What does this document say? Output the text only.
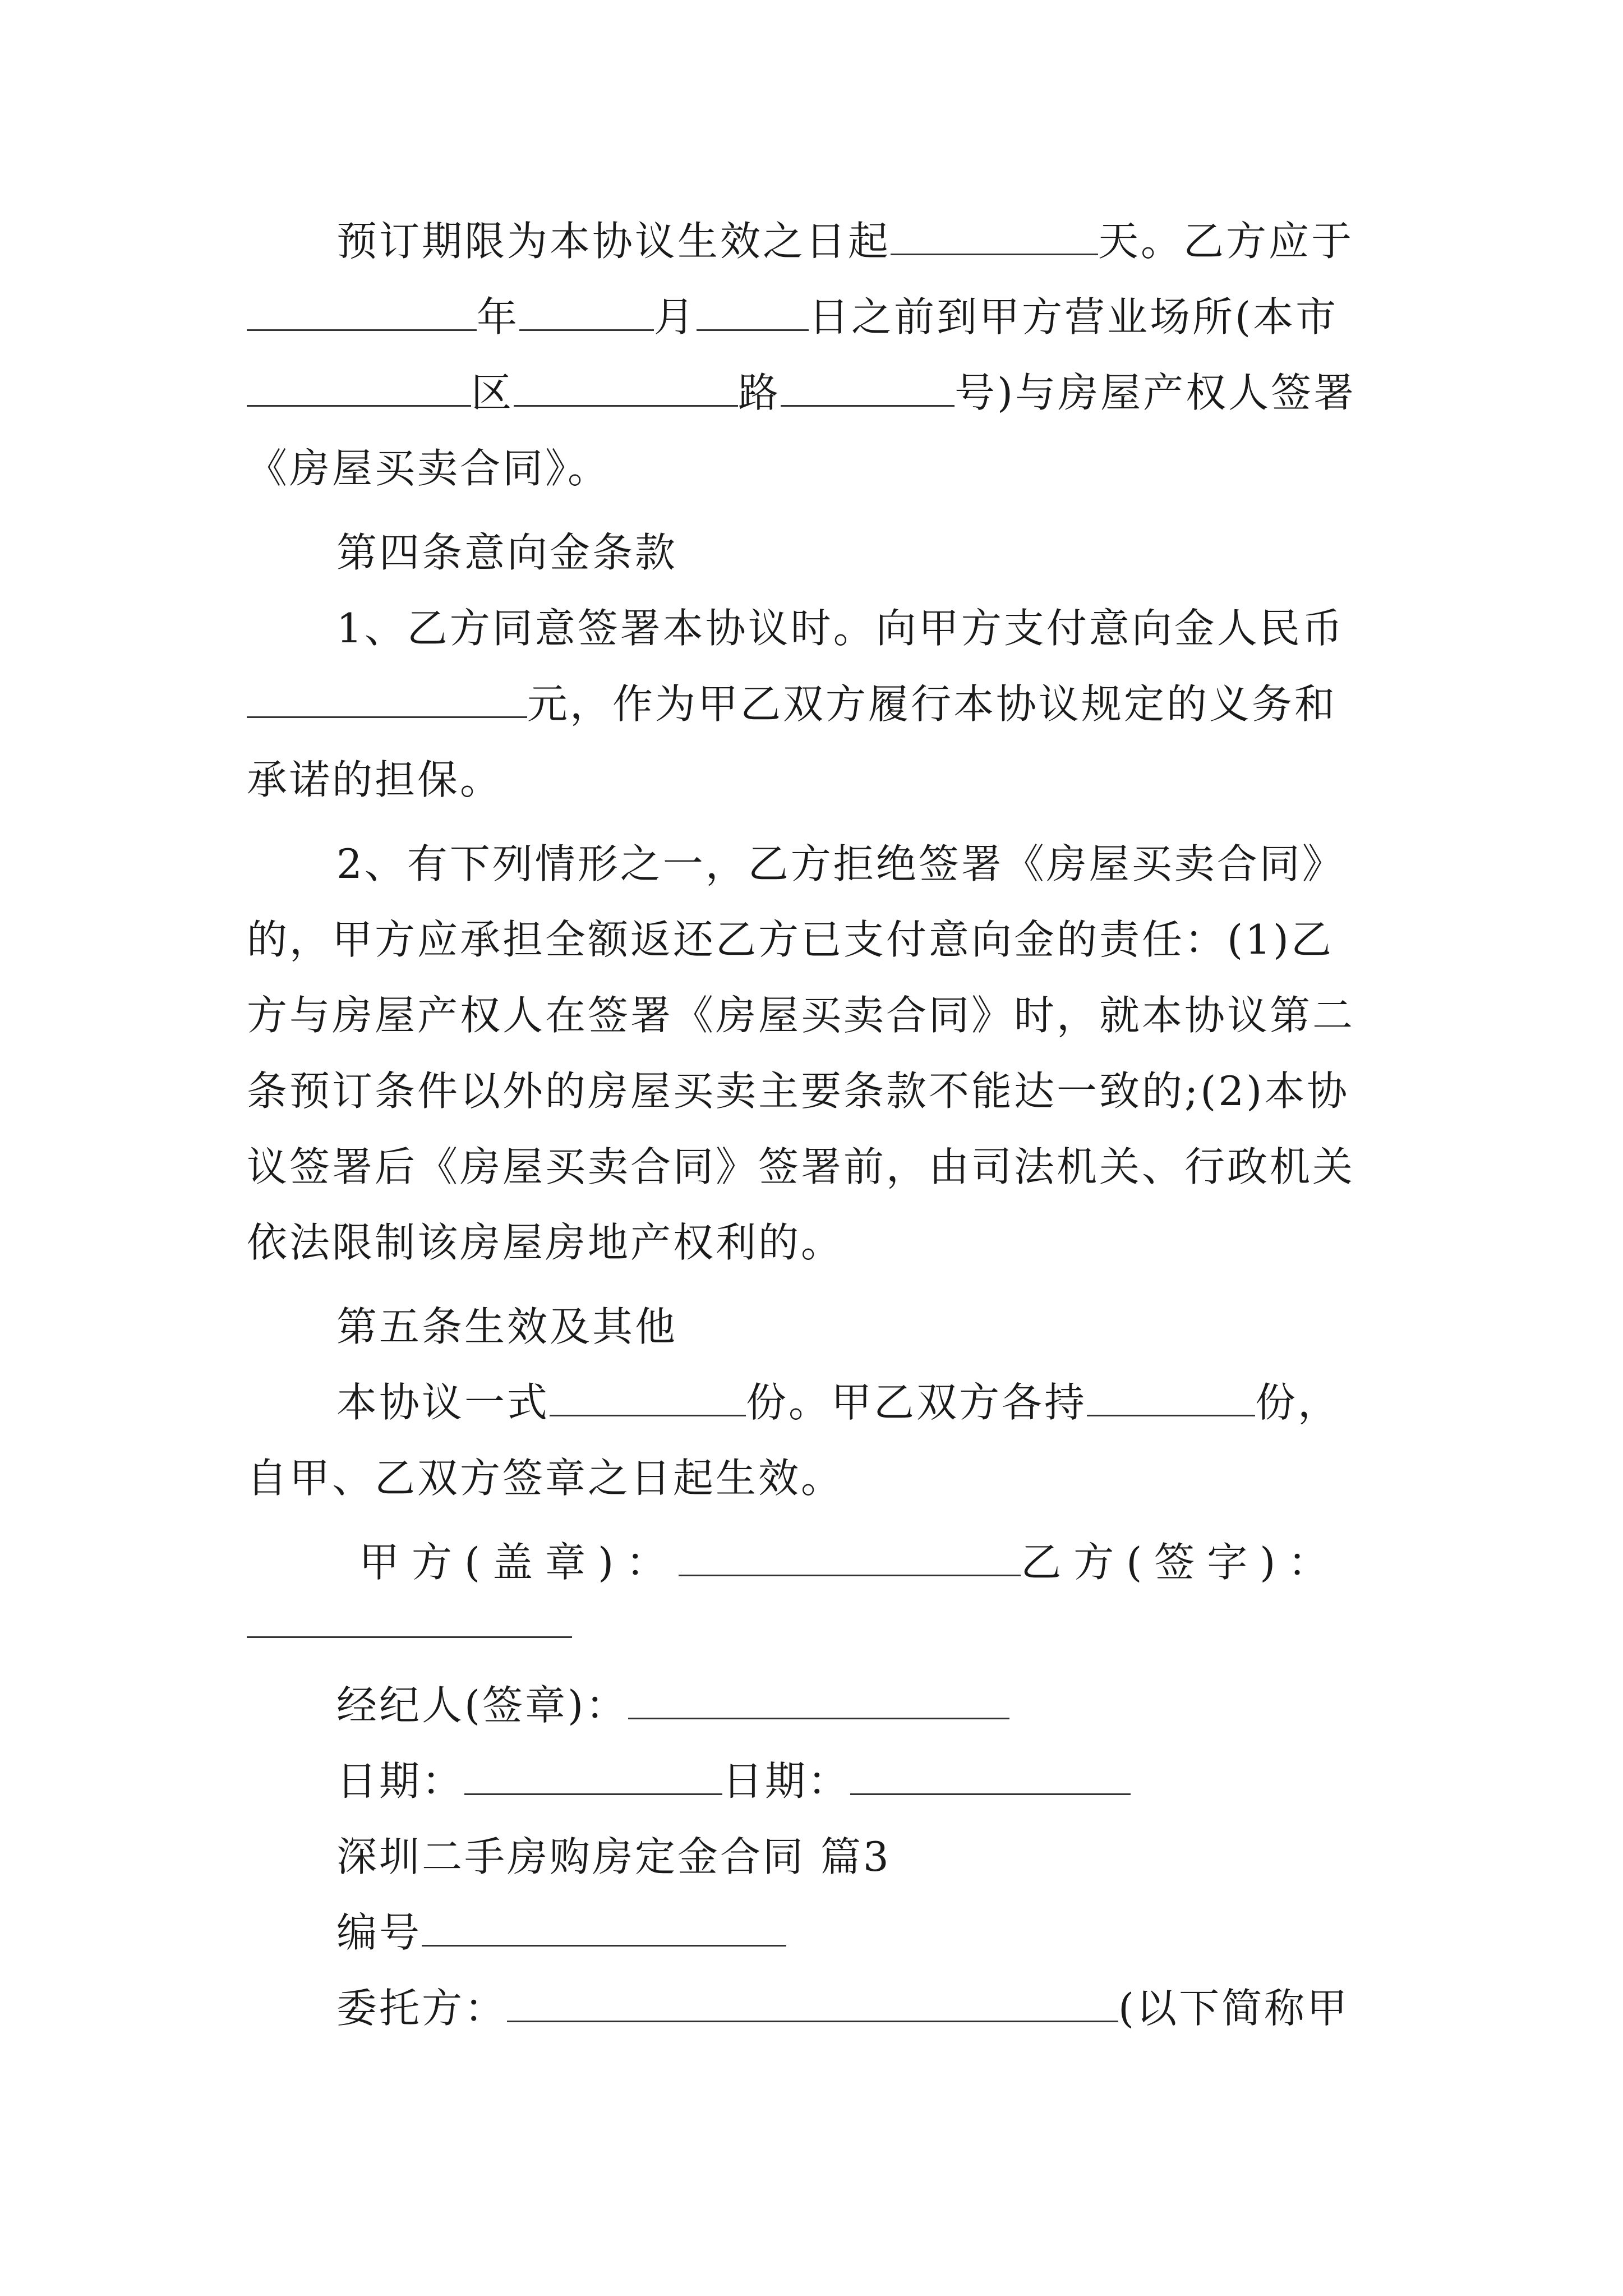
预订期限为本协议生效之日起	天。乙方应于
年	月	日之前到甲方营业场所(本市
区	路	号)与房屋产权人签署
《房屋买卖合同》。
第四条意向金条款
1、乙方同意签署本协议时。向甲方支付意向金人民币
元，作为甲乙双方履行本协议规定的义务和
承诺的担保。
2、有下列情形之一，乙方拒绝签署《房屋买卖合同》
的，甲方应承担全额返还乙方已支付意向金的责任：(1)乙
方与房屋产权人在签署《房屋买卖合同》时，就本协议第二
条预订条件以外的房屋买卖主要条款不能达一致的;(2)本协
议签署后《房屋买卖合同》签署前，由司法机关、行政机关
依法限制该房屋房地产权利的。
第五条生效及其他
本协议一式	份。甲乙双方各持	份，
自甲、乙双方签章之日起生效。
甲方(盖章)：	乙方(签字)：
经纪人(签章)：
日期：	日期：
深圳二手房购房定金合同 篇3
编号
委托方：	(以下简称甲
